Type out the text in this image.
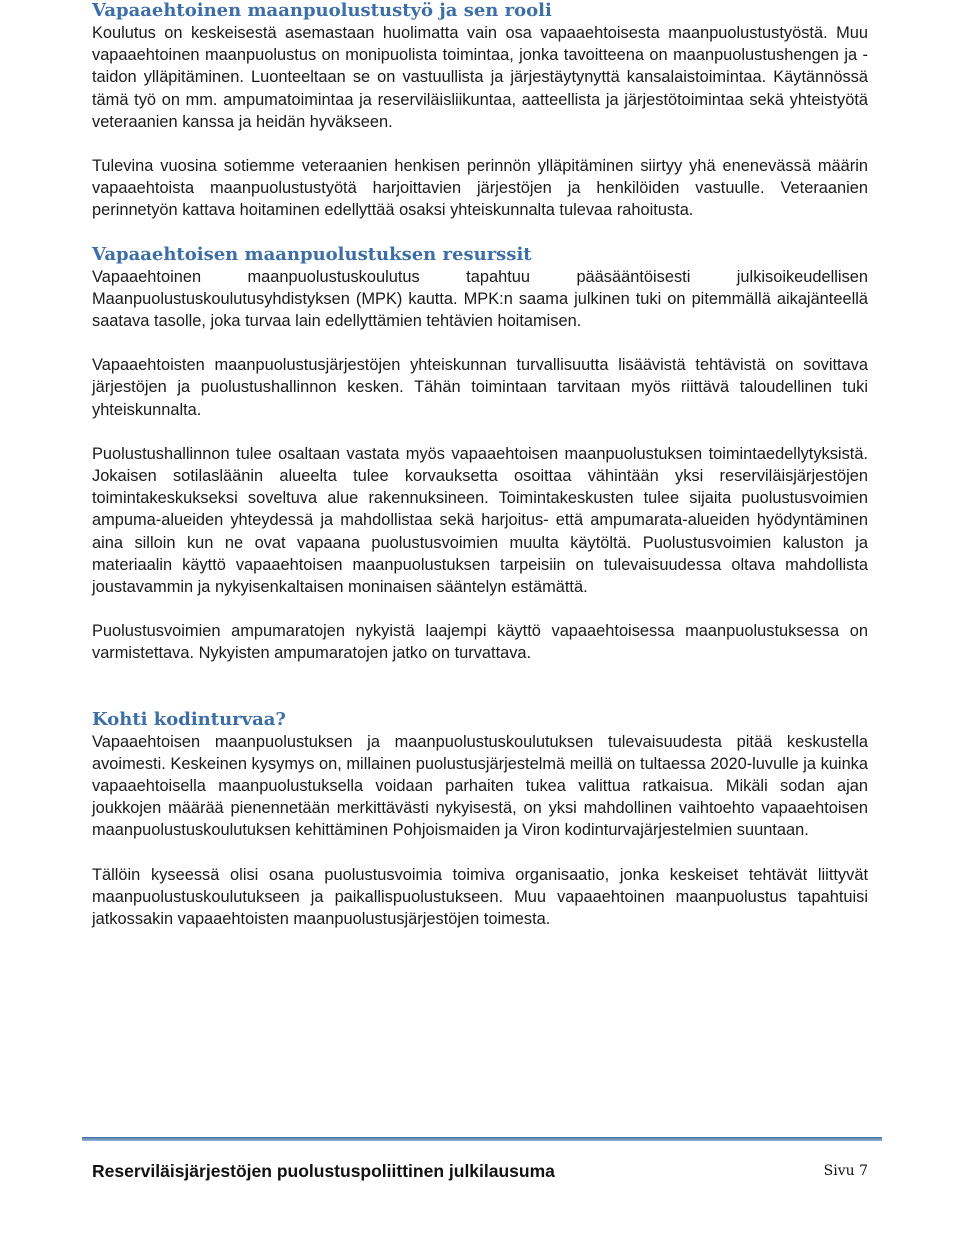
Vapaaehtoinen maanpuolustustyö ja sen rooli

Koulutus on keskeisestä asemastaan huolimatta vain osa vapaaehtoisesta maanpuolustustyöstä. Muu vapaaehtoinen maanpuolustus on monipuolista toimintaa, jonka tavoitteena on maanpuolustushengen ja -taidon ylläpitäminen. Luonteeltaan se on vastuullista ja järjestäytynyttä kansalaistoimintaa. Käytännössä tämä työ on mm. ampumatoimintaa ja reserviläisliikuntaa, aatteellista ja järjestötoimintaa sekä yhteistyötä veteraanien kanssa ja heidän hyväkseen.

Tulevina vuosina sotiemme veteraanien henkisen perinnön ylläpitäminen siirtyy yhä enenevässä määrin vapaaehtoista maanpuolustustyötä harjoittavien järjestöjen ja henkilöiden vastuulle. Veteraanien perinnetyön kattava hoitaminen edellyttää osaksi yhteiskunnalta tulevaa rahoitusta.

Vapaaehtoisen maanpuolustuksen resurssit

Vapaaehtoinen maanpuolustuskoulutus tapahtuu pääsääntöisesti julkisoikeudellisen Maanpuolustuskoulutusyhdistyksen (MPK) kautta. MPK:n saama julkinen tuki on pitemmällä aikajänteellä saatava tasolle, joka turvaa lain edellyttämien tehtävien hoitamisen.

Vapaaehtoisten maanpuolustusjärjestöjen yhteiskunnan turvallisuutta lisäävistä tehtävistä on sovittava järjestöjen ja puolustushallinnon kesken. Tähän toimintaan tarvitaan myös riittävä taloudellinen tuki yhteiskunnalta.

Puolustushallinnon tulee osaltaan vastata myös vapaaehtoisen maanpuolustuksen toimintaedellytyksistä. Jokaisen sotilasläänin alueelta tulee korvauksetta osoittaa vähintään yksi reserviläisjärjestöjen toimintakeskukseksi soveltuva alue rakennuksineen. Toimintakeskusten tulee sijaita puolustusvoimien ampuma-alueiden yhteydessä ja mahdollistaa sekä harjoitus- että ampumarata-alueiden hyödyntäminen aina silloin kun ne ovat vapaana puolustusvoimien muulta käytöltä. Puolustusvoimien kaluston ja materiaalin käyttö vapaaehtoisen maanpuolustuksen tarpeisiin on tulevaisuudessa oltava mahdollista joustavammin ja nykyisenkaltaisen moninaisen sääntelyn estämättä.

Puolustusvoimien ampumaratojen nykyistä laajempi käyttö vapaaehtoisessa maanpuolustuksessa on varmistettava. Nykyisten ampumaratojen jatko on turvattava.

Kohti kodinturvaa?

Vapaaehtoisen maanpuolustuksen ja maanpuolustuskoulutuksen tulevaisuudesta pitää keskustella avoimesti. Keskeinen kysymys on, millainen puolustusjärjestelmä meillä on tultaessa 2020-luvulle ja kuinka vapaaehtoisella maanpuolustuksella voidaan parhaiten tukea valittua ratkaisua. Mikäli sodan ajan joukkojen määrää pienennetään merkittävästi nykyisestä, on yksi mahdollinen vaihtoehto vapaaehtoisen maanpuolustuskoulutuksen kehittäminen Pohjoismaiden ja Viron kodinturvajärjestelmien suuntaan.

Tällöin kyseessä olisi osana puolustusvoimia toimiva organisaatio, jonka keskeiset tehtävät liittyvät maanpuolustuskoulutukseen ja paikallispuolustukseen. Muu vapaaehtoinen maanpuolustus tapahtuisi jatkossakin vapaaehtoisten maanpuolustusjärjestöjen toimesta.

Reserviläisjärjestöjen puolustuspoliittinen julkilausuma	Sivu 7
